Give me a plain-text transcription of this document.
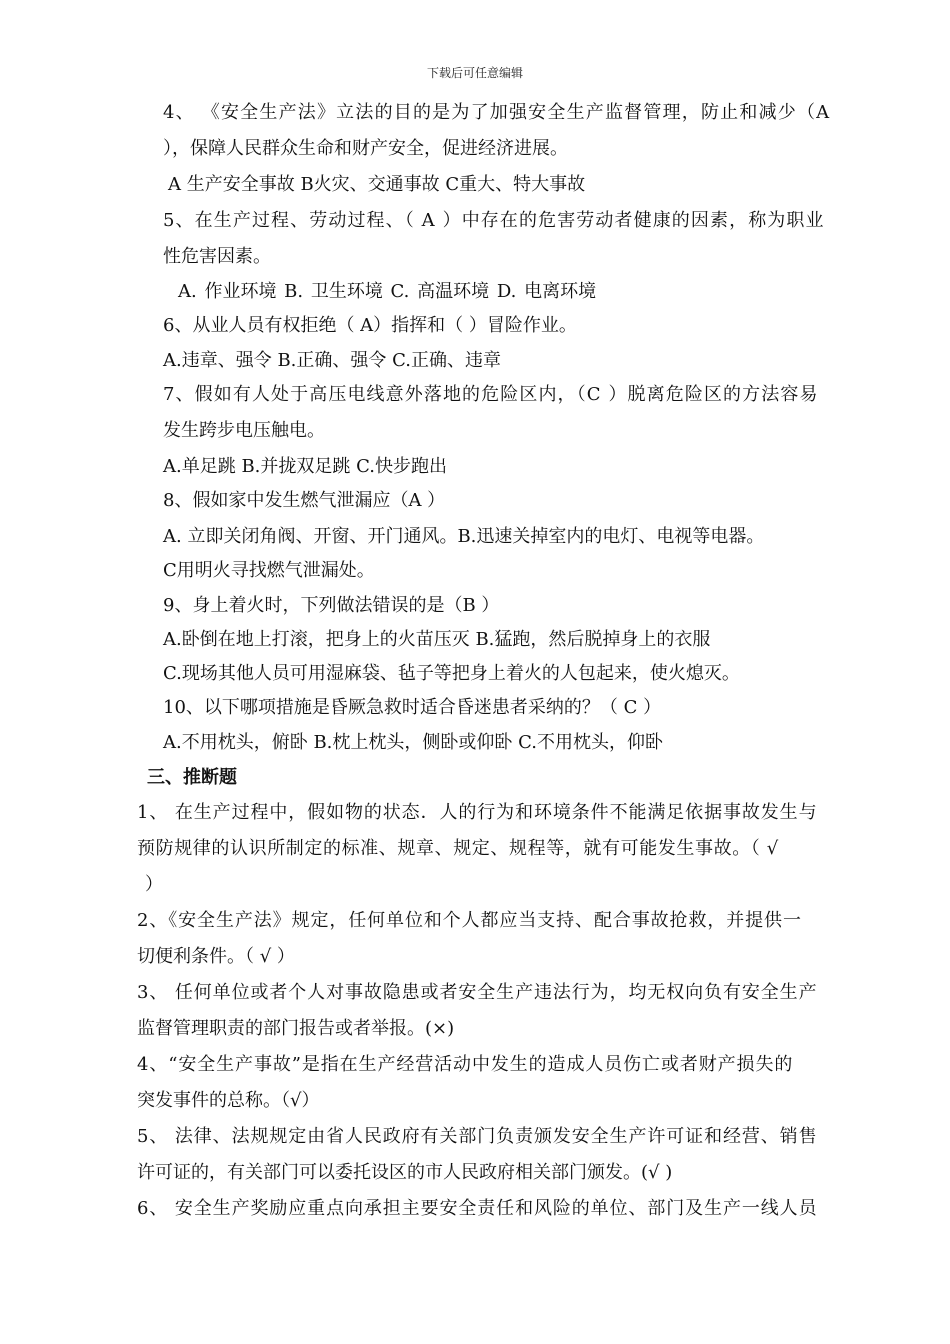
下载后可任意编辑
4、 《安全生产法》立法的目的是为了加强安全生产监督管理，防止和减少（A
），保障人民群众生命和财产安全，促进经济进展。
A 生产安全事故 B火灾、交通事故 C重大、特大事故
5、在生产过程、劳动过程、（ A ）中存在的危害劳动者健康的因素，称为职业
性危害因素。
A. 作业环境 B. 卫生环境 C. 高温环境 D. 电离环境
6、从业人员有权拒绝（ A）指挥和（ ）冒险作业。
A.违章、强令 B.正确、强令 C.正确、违章
7、假如有人处于高压电线意外落地的危险区内，（C ）脱离危险区的方法容易
发生跨步电压触电。
A.单足跳 B.并拢双足跳 C.快步跑出
8、假如家中发生燃气泄漏应（A ）
A. 立即关闭角阀、开窗、开门通风。B.迅速关掉室内的电灯、电视等电器。
C用明火寻找燃气泄漏处。
9、身上着火时，下列做法错误的是（B ）
A.卧倒在地上打滚，把身上的火苗压灭 B.猛跑，然后脱掉身上的衣服
C.现场其他人员可用湿麻袋、毡子等把身上着火的人包起来，使火熄灭。
10、以下哪项措施是昏厥急救时适合昏迷患者采纳的？（ C ）
A.不用枕头，俯卧 B.枕上枕头，侧卧或仰卧 C.不用枕头，仰卧
三、推断题
1、 在生产过程中，假如物的状态．人的行为和环境条件不能满足依据事故发生与
预防规律的认识所制定的标准、规章、规定、规程等，就有可能发生事故。（ √
）
2、《安全生产法》规定，任何单位和个人都应当支持、配合事故抢救，并提供一
切便利条件。（ √ ）
3、 任何单位或者个人对事故隐患或者安全生产违法行为，均无权向负有安全生产
监督管理职责的部门报告或者举报。(×)
4、“安全生产事故”是指在生产经营活动中发生的造成人员伤亡或者财产损失的
突发事件的总称。（√）
5、 法律、法规规定由省人民政府有关部门负责颁发安全生产许可证和经营、销售
许可证的，有关部门可以委托设区的市人民政府相关部门颁发。(√ )
6、 安全生产奖励应重点向承担主要安全责任和风险的单位、部门及生产一线人员
